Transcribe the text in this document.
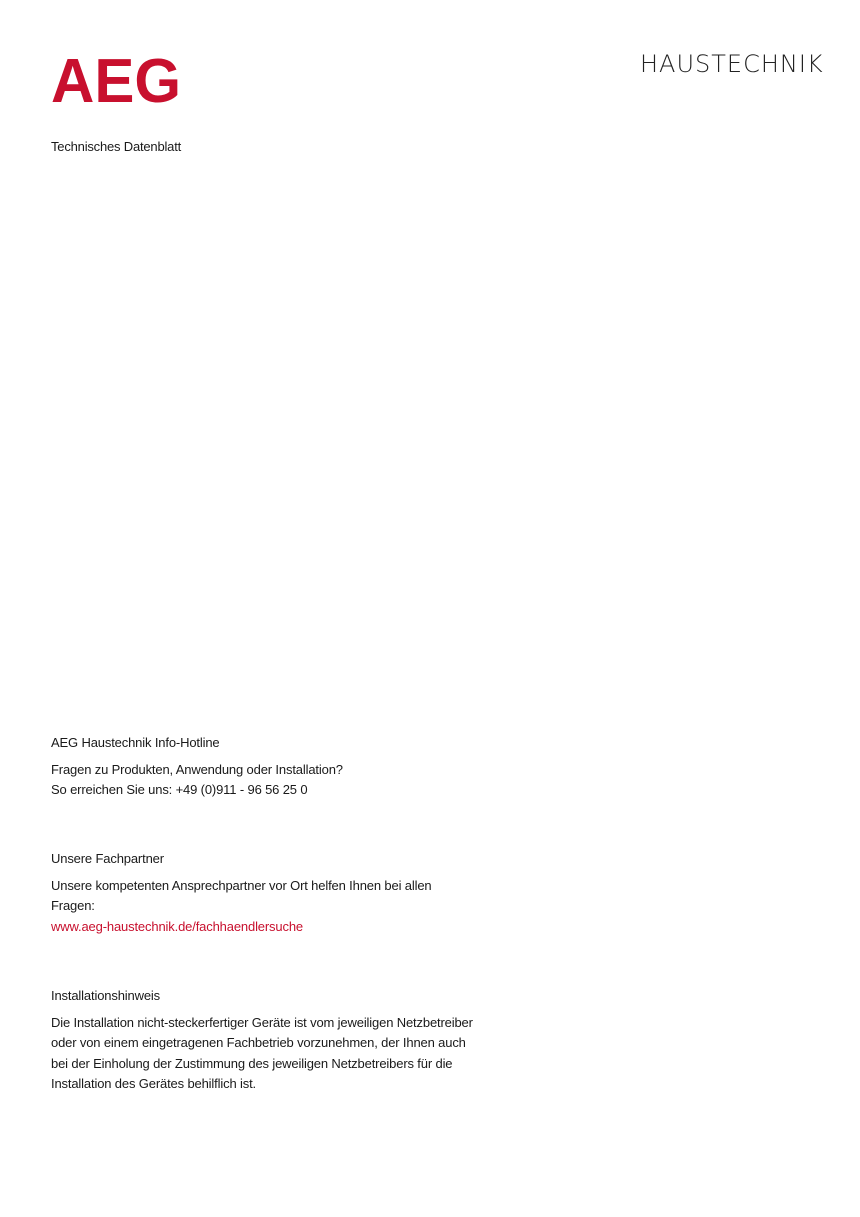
AEG	HAUSTECHNIK
Technisches Datenblatt
AEG Haustechnik Info-Hotline

Fragen zu Produkten, Anwendung oder Installation?

So erreichen Sie uns: +49 (0)911 - 96 56 25 0

Unsere Fachpartner

Unsere kompetenten Ansprechpartner vor Ort helfen Ihnen bei allen

Fragen:

www.aeg-haustechnik.de/fachhaendlersuche

Installationshinweis

Die Installation nicht-steckerfertiger Geräte ist vom jeweiligen Netzbetreiber

oder von einem eingetragenen Fachbetrieb vorzunehmen, der Ihnen auch

bei der Einholung der Zustimmung des jeweiligen Netzbetreibers für die

Installation des Gerätes behilflich ist.
